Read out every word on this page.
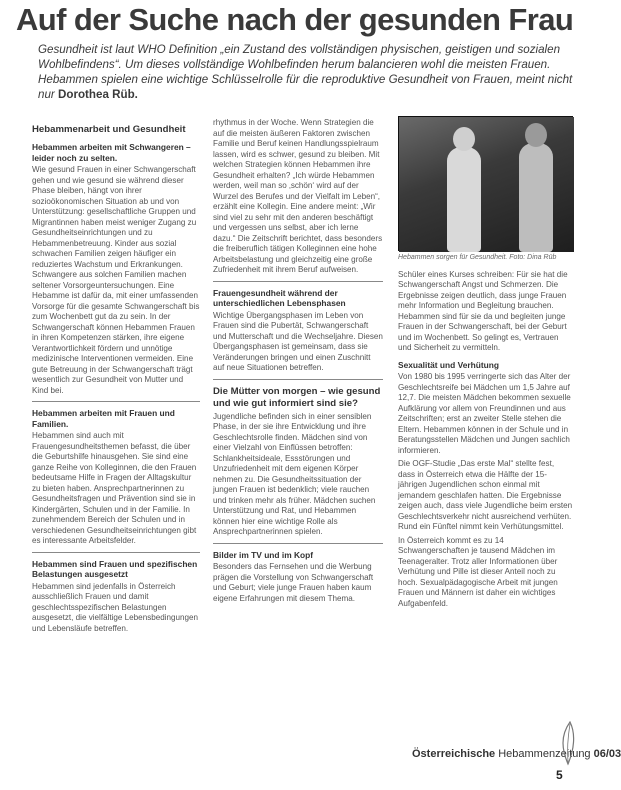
Auf der Suche nach der gesunden Frau
Gesundheit ist laut WHO Definition „ein Zustand des vollständigen physischen, geistigen und sozialen Wohlbefindens“. Um dieses vollständige Wohlbefinden herum balancieren wohl die meisten Frauen. Hebammen spielen eine wichtige Schlüsselrolle für die reproduktive Gesundheit von Frauen, meint nicht nur Dorothea Rüb.
Hebammenarbeit und Gesundheit
Hebammen arbeiten mit Schwangeren – leider noch zu selten.

Wie gesund Frauen in einer Schwangerschaft gehen und wie gesund sie während dieser Phase bleiben, hängt von ihrer sozioökonomischen Situation ab und von Unterstützung: gesellschaftliche Gruppen und Migrantinnen haben meist weniger Zugang zu Gesundheitseinrichtungen und zu Hebammenbetreuung. Kinder aus sozial schwachen Familien zeigen häufiger ein reduziertes Wachstum und Erkrankungen. Schwangere aus solchen Familien machen seltener Vorsorgeuntersuchungen. Eine Hebamme ist dafür da, mit einer umfassenden Vorsorge für die gesamte Schwangerschaft bis zum Wochenbett gut da zu sein. In der Schwangerschaft können Hebammen Frauen in ihren Kompetenzen stärken, ihre eigene Verantwortlichkeit fördern und unnötige medizinische Interventionen vermeiden. Eine gute Betreuung in der Schwangerschaft trägt wesentlich zur Gesundheit von Mutter und Kind bei.

Hebammen arbeiten mit Frauen und Familien.

Hebammen sind auch mit Frauengesundheitsthemen befasst, die über die Geburtshilfe hinausgehen. Sie sind eine ganze Reihe von Kolleginnen, die den Frauen bedeutsame Hilfe in Fragen der Alltagskultur zu bieten haben. Ansprechpartnerinnen zu Gesundheitsfragen und Prävention sind sie in Kindergärten, Schulen und in der Familie. In zunehmendem Bereich der Schulen und in verschiedenen Gesundheitseinrichtungen gibt es interessante Arbeitsfelder.

Hebammen sind Frauen und spezifischen Belastungen ausgesetzt

Hebammen sind jedenfalls in Österreich ausschließlich Frauen und damit geschlechtsspezifischen Belastungen ausgesetzt, die vielfältige Lebensbedingungen und Lebensläufe betreffen.

rhythmus in der Woche. Wenn Strategien die auf die meisten äußeren Faktoren zwischen Familie und Beruf keinen Handlungsspielraum lassen, wird es schwer, gesund zu bleiben. Mit welchen Strategien können Hebammen ihre Gesundheit erhalten? „Ich würde Hebammen werden, weil man so ‚schön‘ wird auf der Wurzel des Berufes und der Vielfalt im Leben“, erzählt eine Kollegin. Eine andere meint: „Wir sind viel zu sehr mit den anderen beschäftigt und vergessen uns selbst, aber ich lerne dazu.“ Die Zeitschrift berichtet, dass besonders die freiberuflich tätigen Kolleginnen eine hohe Arbeitsbelastung und gleichzeitig eine große Zufriedenheit mit ihrem Beruf aufweisen.

Frauengesundheit während der unterschiedlichen Lebensphasen

Wichtige Übergangsphasen im Leben von Frauen sind die Pubertät, Schwangerschaft und Mutterschaft und die Wechseljahre. Diesen Übergangsphasen ist gemeinsam, dass sie Veränderungen bringen und einen Zuschnitt auf neue Situationen betreffen.

Die Mütter von morgen – wie gesund und wie gut informiert sind sie?

Jugendliche befinden sich in einer sensiblen Phase, in der sie ihre Entwicklung und ihre Geschlechtsrolle finden. Mädchen sind von einer Vielzahl von Einflüssen betroffen: Schlankheitsideale, Essstörungen und Unzufriedenheit mit dem eigenen Körper nehmen zu. Die Gesundheitssituation der jungen Frauen ist bedenklich; viele rauchen und trinken mehr als früher. Mädchen suchen Unterstützung und Rat, und Hebammen können hier eine wichtige Rolle als Ansprechpartnerinnen spielen.

Bilder im TV und im Kopf

Besonders das Fernsehen und die Werbung prägen die Vorstellung von Schwangerschaft und Geburt; viele junge Frauen haben kaum eigene Erfahrungen mit diesem Thema.

Hebammen sorgen für Gesundheit. Foto: Dina Rüb

Schüler eines Kurses schreiben: Für sie hat die Schwangerschaft Angst und Schmerzen. Die Ergebnisse zeigen deutlich, dass junge Frauen mehr Information und Begleitung brauchen. Hebammen sind für sie da und begleiten junge Frauen in der Schwangerschaft, bei der Geburt und im Wochenbett. So gelingt es, Vertrauen und Sicherheit zu vermitteln.

Sexualität und Verhütung

Von 1980 bis 1995 verringerte sich das Alter der Geschlechtsreife bei Mädchen um 1,5 Jahre auf 12,7. Die meisten Mädchen bekommen sexuelle Aufklärung vor allem von Freundinnen und aus Zeitschriften; erst an zweiter Stelle stehen die Eltern. Hebammen können in der Schule und in Beratungsstellen Mädchen und Jungen sachlich informieren.

Die OGF-Studie „Das erste Mal“ stellte fest, dass in Österreich etwa die Hälfte der 15-jährigen Jugendlichen schon einmal mit jemandem geschlafen hatten. Die Ergebnisse zeigen auch, dass viele Jugendliche beim ersten Geschlechtsverkehr nicht ausreichend verhüten. Rund ein Fünftel nimmt kein Verhütungsmittel.

In Österreich kommt es zu 14 Schwangerschaften je tausend Mädchen im Teenageralter. Trotz aller Informationen über Verhütung und Pille ist dieser Anteil noch zu hoch. Sexualpädagogische Arbeit mit jungen Frauen und Männern ist daher ein wichtiges Aufgabenfeld.

Österreichische Hebammenzeitung 06/03
5
